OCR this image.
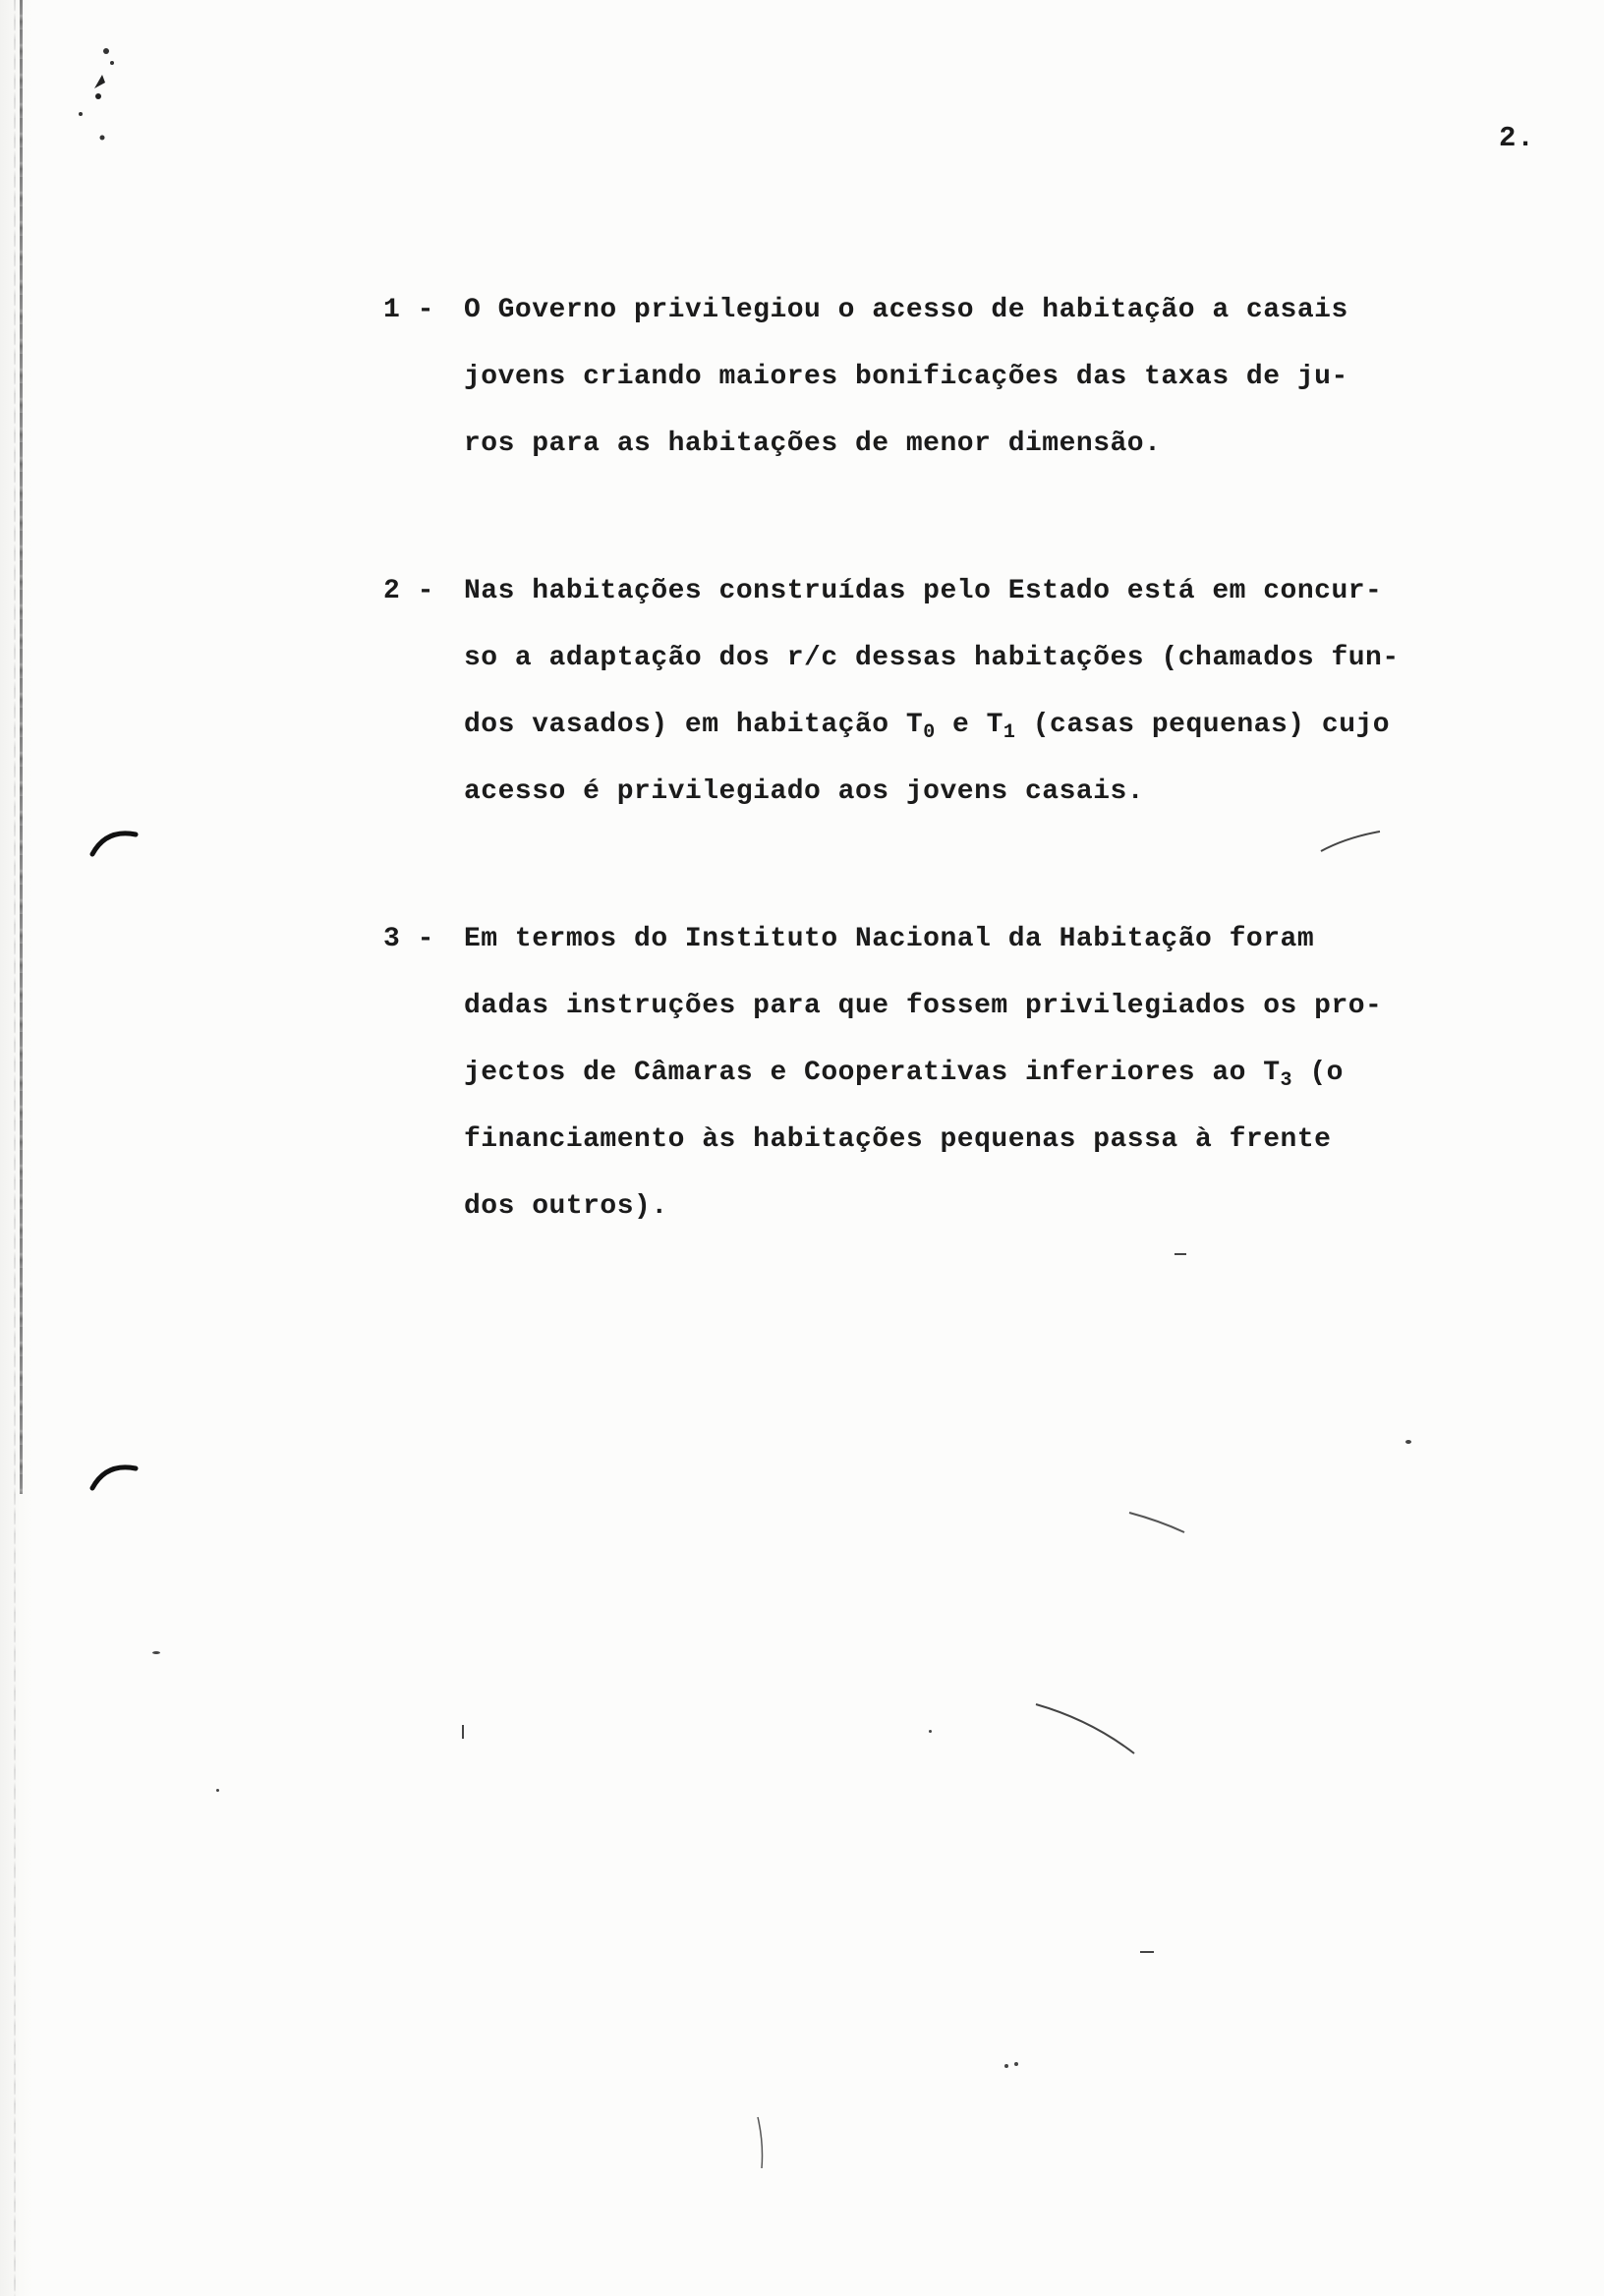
2.
1 - O Governo privilegiou o acesso de habitação a casais
jovens criando maiores bonificações das taxas de ju-
ros para as habitações de menor dimensão.
2 - Nas habitações construídas pelo Estado está em concur-
so a adaptação dos r/c dessas habitações (chamados fun-
dos vasados) em habitação $T_0$ e $T_1$ (casas pequenas) cujo
acesso é privilegiado aos jovens casais.
3 - Em termos do Instituto Nacional da Habitação foram
dadas instruções para que fossem privilegiados os pro-
jectos de Câmaras e Cooperativas inferiores ao $T_3$ (o
financiamento às habitações pequenas passa à frente
dos outros).
